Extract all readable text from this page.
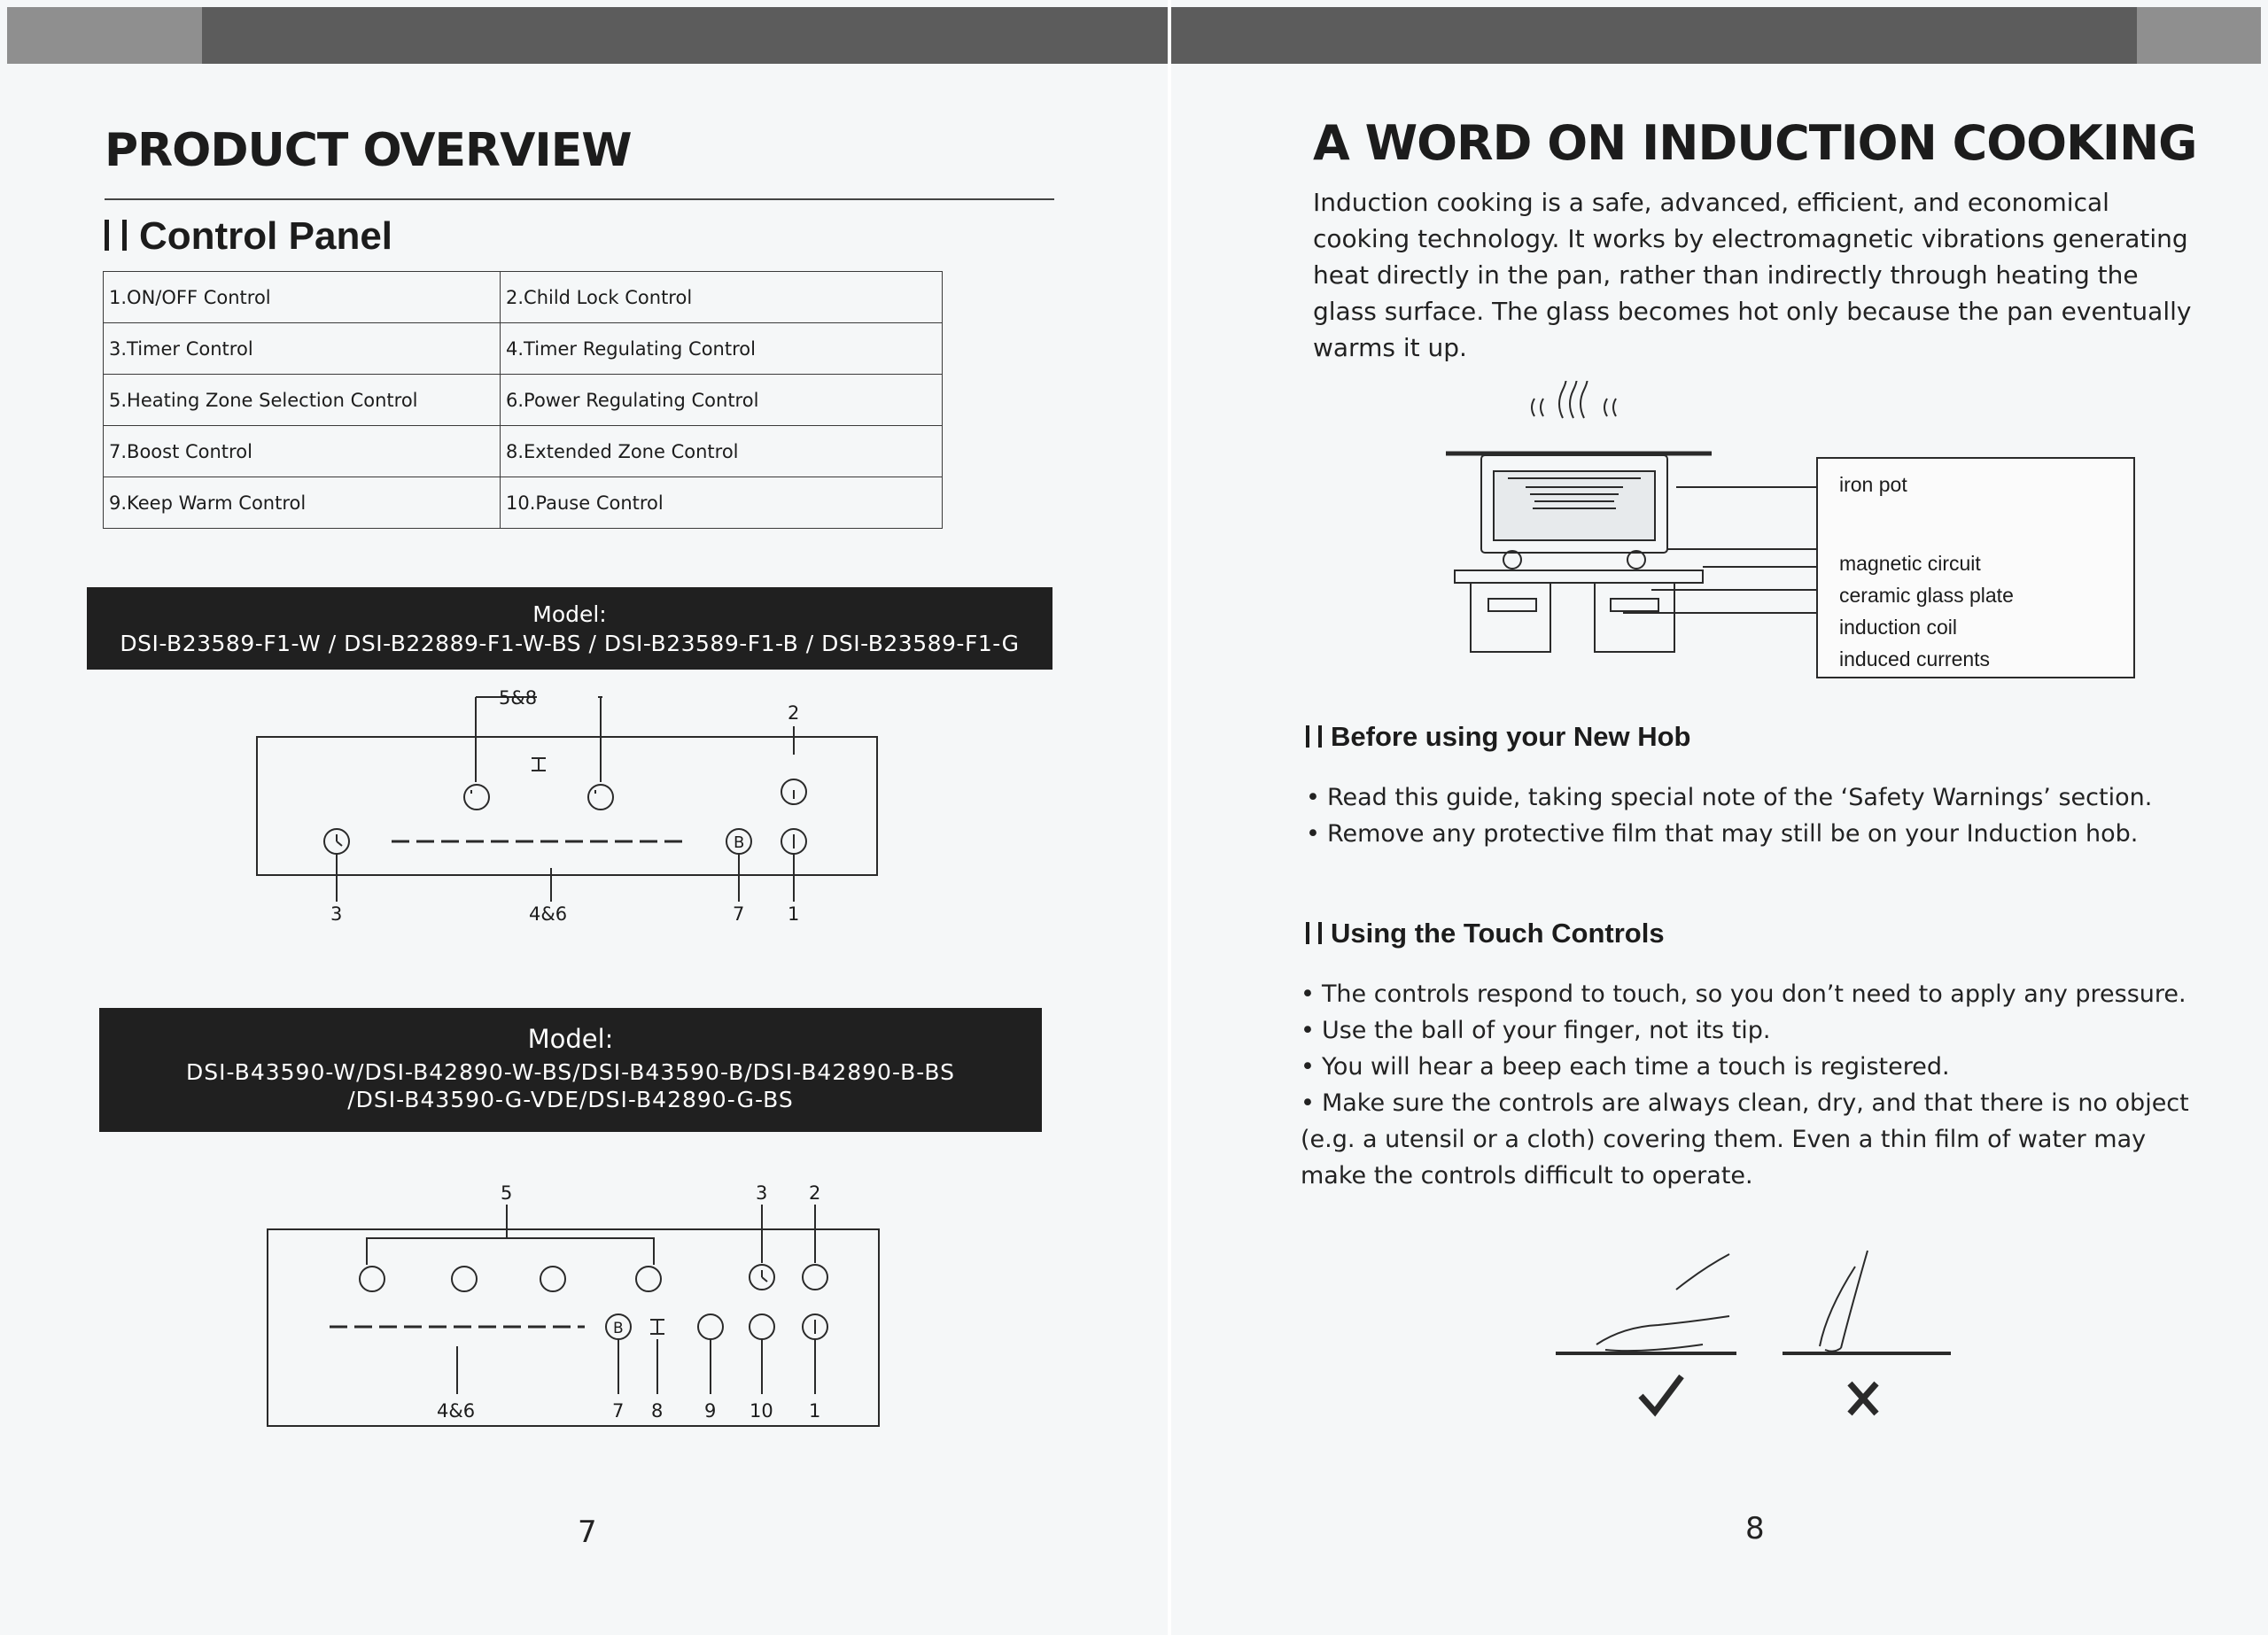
PRODUCT OVERVIEW
Control Panel
1.ON/OFF Control	2.Child Lock Control
3.Timer Control	4.Timer Regulating Control
5.Heating Zone Selection Control	6.Power Regulating Control
7.Boost Control	8.Extended Zone Control
9.Keep Warm Control	10.Pause Control
Model:
DSI-B23589-F1-W / DSI-B22889-F1-W-BS / DSI-B23589-F1-B / DSI-B23589-F1-G
5&8
2
B
3	4&6	7 1
Model:
DSI-B43590-W/DSI-B42890-W-BS/DSI-B43590-B/DSI-B42890-B-BS
/DSI-B43590-G-VDE/DSI-B42890-G-BS
5	3 2
B
4&6	7 8 9 10 1
7
A WORD ON INDUCTION COOKING
Induction cooking is a safe, advanced, efficient, and economical cooking technology. It works by electromagnetic vibrations generating heat directly in the pan, rather than indirectly through heating the glass surface. The glass becomes hot only because the pan eventually warms it up.
iron pot
magnetic circuit
ceramic glass plate
induction coil
induced currents
Before using your New Hob
• Read this guide, taking special note of the ‘Safety Warnings’ section.
• Remove any protective film that may still be on your Induction hob.
Using the Touch Controls
• The controls respond to touch, so you don’t need to apply any pressure.
• Use the ball of your finger, not its tip.
• You will hear a beep each time a touch is registered.
• Make sure the controls are always clean, dry, and that there is no object (e.g. a utensil or a cloth) covering them. Even a thin film of water may make the controls difficult to operate.
8
